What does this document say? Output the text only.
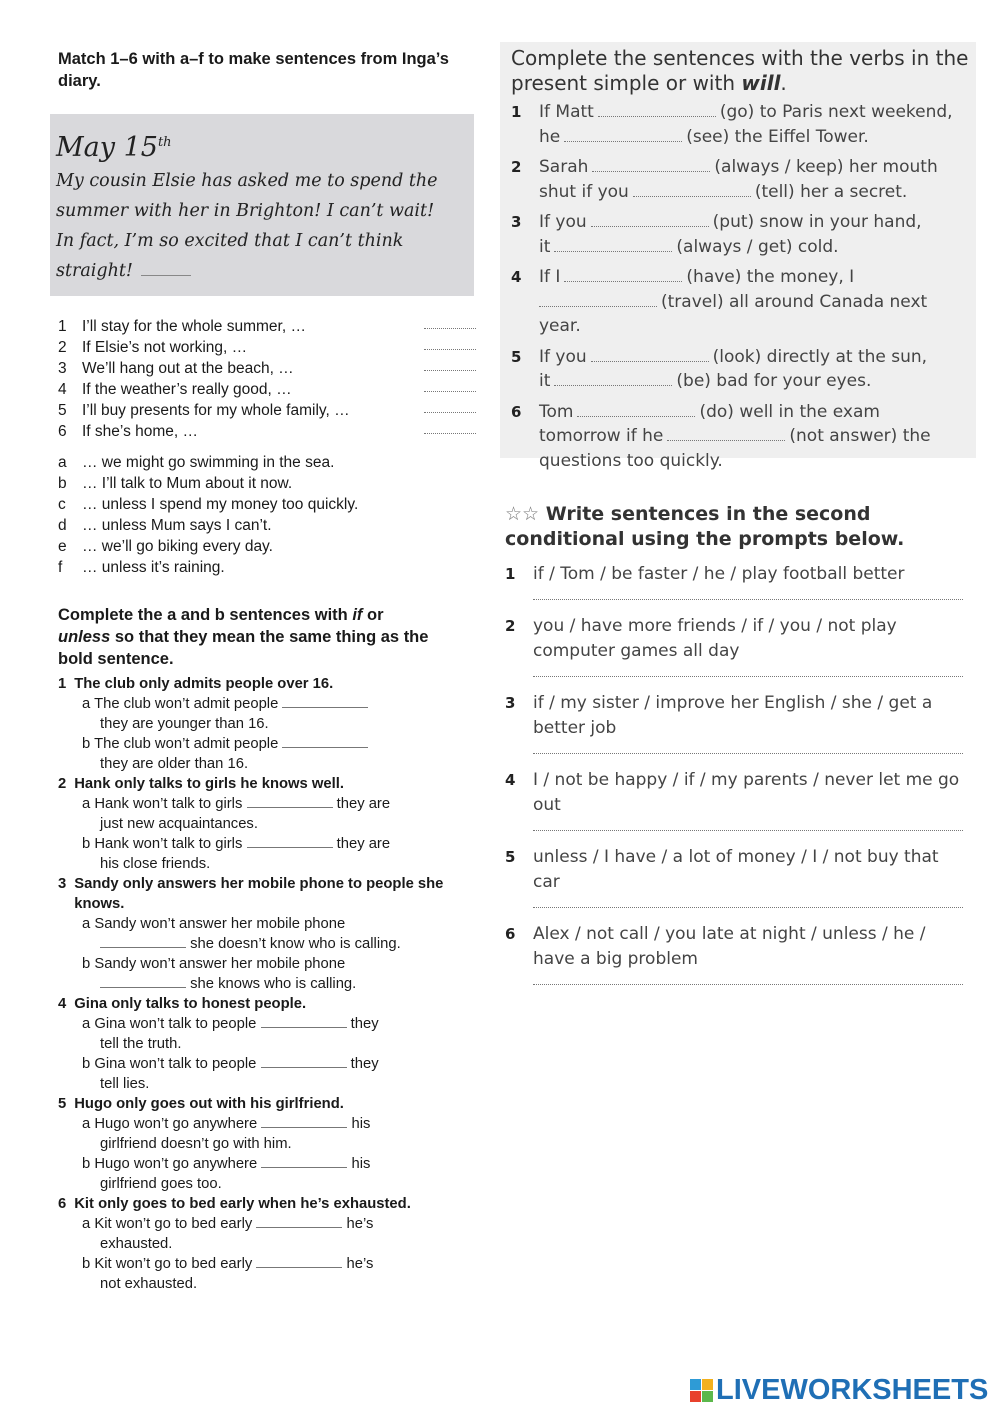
Match 1–6 with a–f to make sentences from Inga’s diary.
May 15th
My cousin Elsie has asked me to spend the summer with her in Brighton! I can’t wait! In fact, I’m so excited that I can’t think straight!
1 I’ll stay for the whole summer, …
2 If Elsie’s not working, …
3 We’ll hang out at the beach, …
4 If the weather’s really good, …
5 I’ll buy presents for my whole family, …
6 If she’s home, …
a … we might go swimming in the sea.
b … I’ll talk to Mum about it now.
c … unless I spend my money too quickly.
d … unless Mum says I can’t.
e … we’ll go biking every day.
f … unless it’s raining.
Complete the a and b sentences with if or
unless so that they mean the same thing as the bold sentence.
1 The club only admits people over 16.
a The club won’t admit people
they are younger than 16.
b The club won’t admit people
they are older than 16.
2 Hank only talks to girls he knows well.
a Hank won’t talk to girls	they are
just new acquaintances.
b Hank won’t talk to girls	they are
his close friends.
3 Sandy only answers her mobile phone to people she knows.
a Sandy won’t answer her mobile phone
she doesn’t know who is calling.
b Sandy won’t answer her mobile phone
she knows who is calling.
4 Gina only talks to honest people.
a Gina won’t talk to people	they
tell the truth.
b Gina won’t talk to people	they
tell lies.
5 Hugo only goes out with his girlfriend.
a Hugo won’t go anywhere	his
girlfriend doesn’t go with him.
b Hugo won’t go anywhere	his
girlfriend goes too.
6 Kit only goes to bed early when he’s exhausted.
a Kit won’t go to bed early	he’s
exhausted.
b Kit won’t go to bed early	he’s
not exhausted.
Complete the sentences with the verbs in the present simple or with will.
1 If Matt	(go) to Paris next weekend,
he	(see) the Eiffel Tower.
2 Sarah	(always / keep) her mouth
shut if you	(tell) her a secret.
3 If you	(put) snow in your hand,
it	(always / get) cold.
4 If I	(have) the money, I
(travel) all around Canada next year.
5 If you	(look) directly at the sun,
it	(be) bad for your eyes.
6 Tom	(do) well in the exam
tomorrow if he	(not answer) the
questions too quickly.
☆☆ Write sentences in the second conditional using the prompts below.
1 if / Tom / be faster / he / play football better
2 you / have more friends / if / you / not play computer games all day
3 if / my sister / improve her English / she / get a better job
4 I / not be happy / if / my parents / never let me go out
5 unless / I have / a lot of money / I / not buy that car
6 Alex / not call / you late at night / unless / he / have a big problem
LIVEWORKSHEETS
